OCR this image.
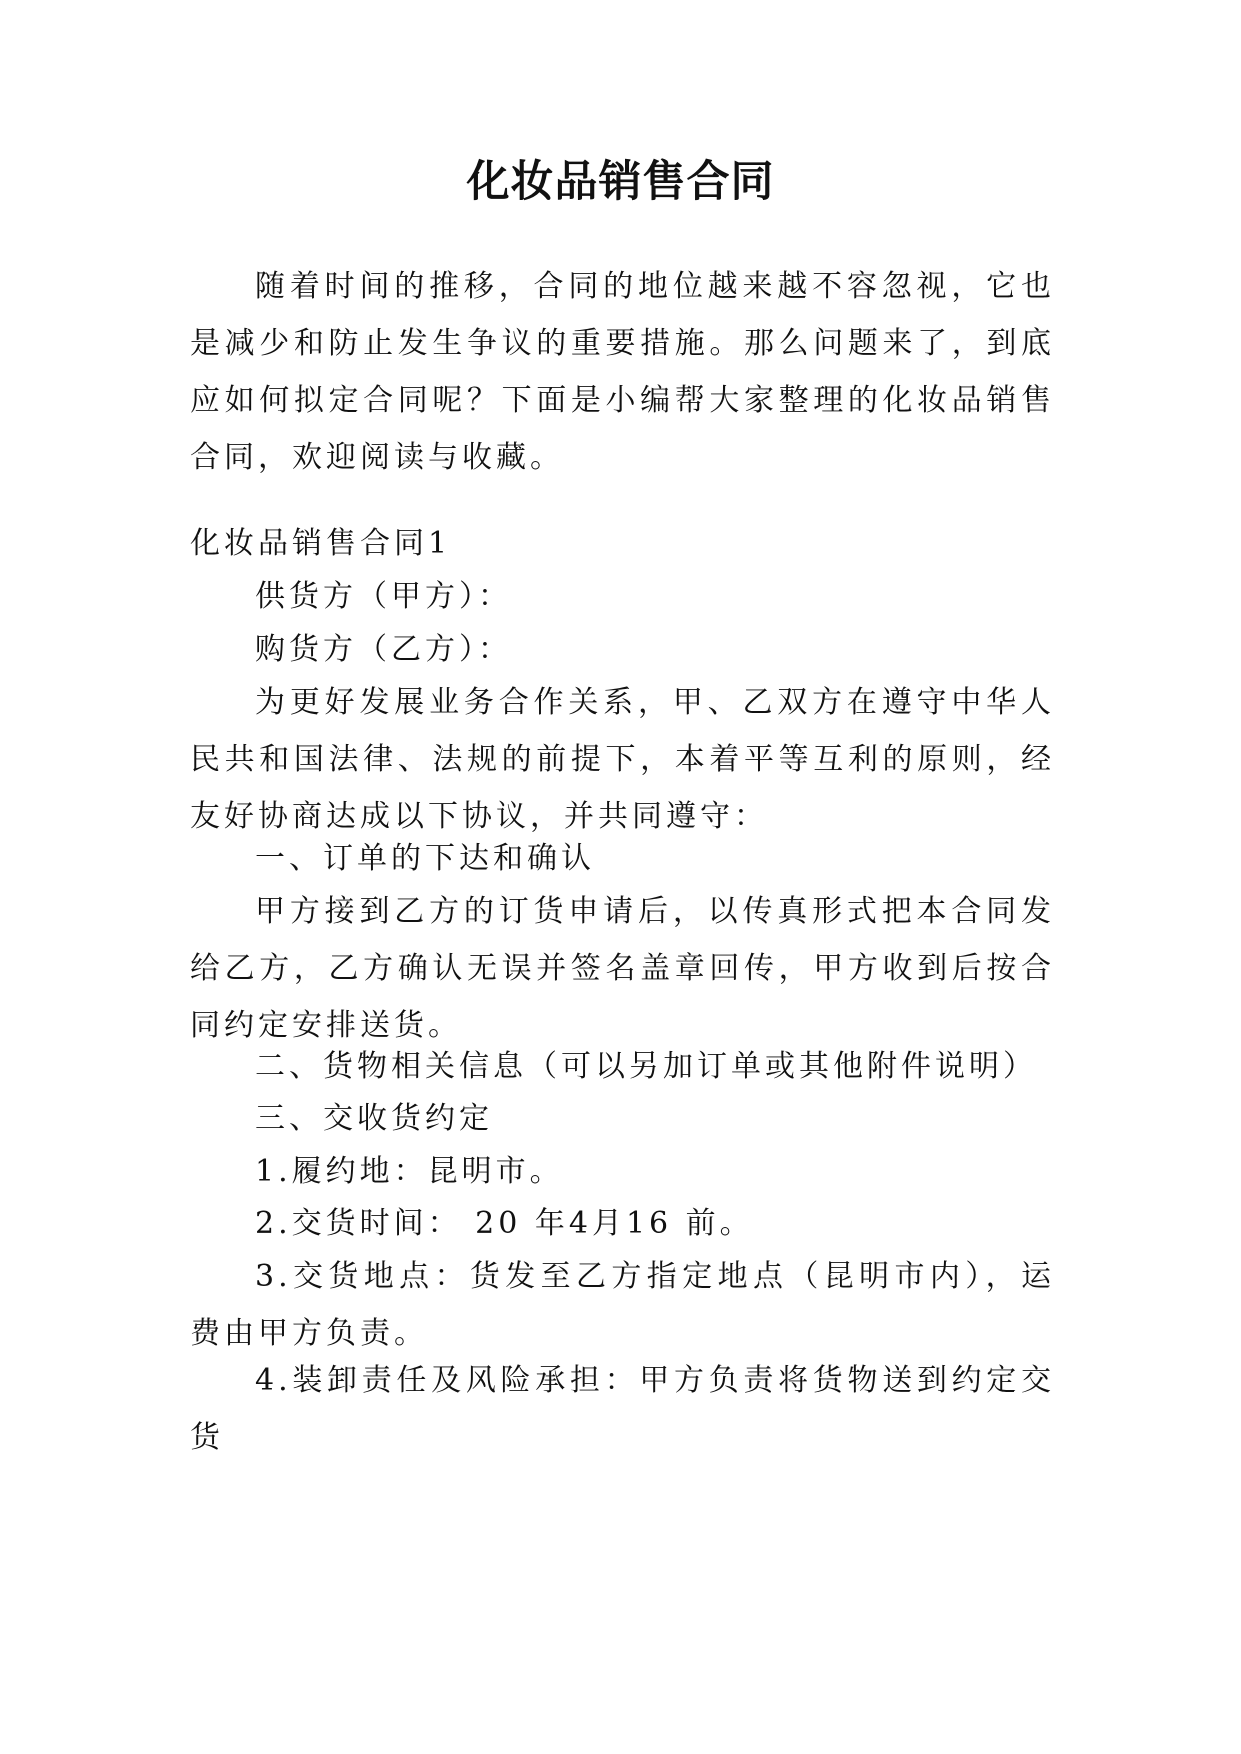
化妆品销售合同

随着时间的推移，合同的地位越来越不容忽视，它也是减少和防止发生争议的重要措施。那么问题来了，到底应如何拟定合同呢？下面是小编帮大家整理的化妆品销售合同，欢迎阅读与收藏。

化妆品销售合同1

供货方（甲方）：

购货方（乙方）：

为更好发展业务合作关系，甲、乙双方在遵守中华人民共和国法律、法规的前提下，本着平等互利的原则，经友好协商达成以下协议，并共同遵守：

一、订单的下达和确认

甲方接到乙方的订货申请后，以传真形式把本合同发给乙方，乙方确认无误并签名盖章回传，甲方收到后按合同约定安排送货。

二、货物相关信息（可以另加订单或其他附件说明）

三、交收货约定

1.履约地：昆明市。

2.交货时间： 20 年4月16 前。

3.交货地点：货发至乙方指定地点（昆明市内），运费由甲方负责。

4.装卸责任及风险承担：甲方负责将货物送到约定交货
